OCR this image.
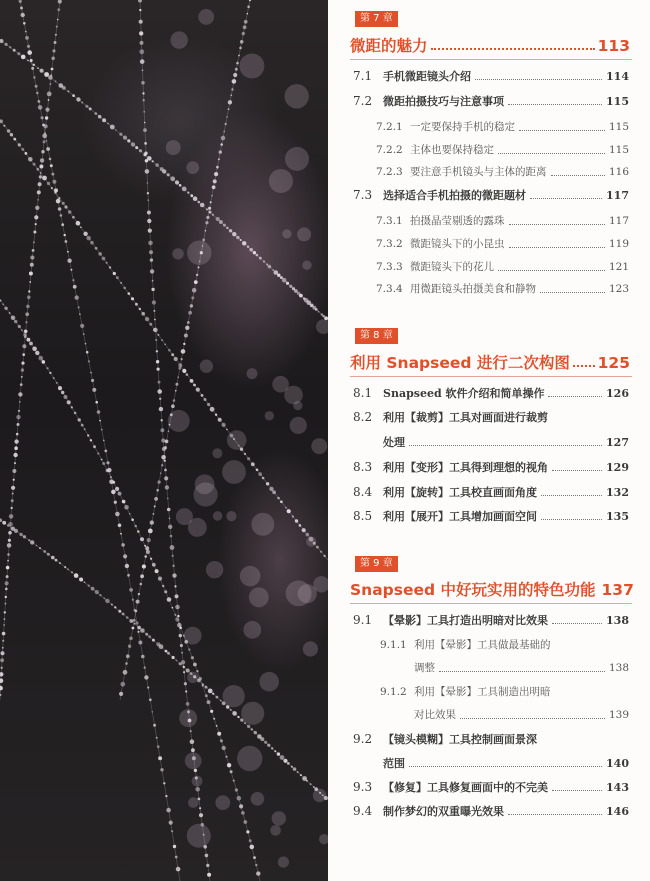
第 7 章
微距的魅力	113
7.1 手机微距镜头介绍	114
7.2 微距拍摄技巧与注意事项	115
7.2.1 一定要保持手机的稳定	115
7.2.2 主体也要保持稳定	115
7.2.3 要注意手机镜头与主体的距离	116
7.3 选择适合手机拍摄的微距题材	117
7.3.1 拍摄晶莹剔透的露珠	117
7.3.2 微距镜头下的小昆虫	119
7.3.3 微距镜头下的花儿	121
7.3.4 用微距镜头拍摄美食和静物	123
第 8 章
利用 Snapseed 进行二次构图 125
8.1 Snapseed 软件介绍和简单操作	126
8.2 利用【裁剪】工具对画面进行裁剪
处理	127
8.3 利用【变形】工具得到理想的视角	129
8.4 利用【旋转】工具校直画面角度	132
8.5 利用【展开】工具增加画面空间	135
第 9 章
Snapseed 中好玩实用的特色功能 137
9.1 【晕影】工具打造出明暗对比效果	138
9.1.1 利用【晕影】工具做最基础的
调整	138
9.1.2 利用【晕影】工具制造出明暗
对比效果	139
9.2 【镜头模糊】工具控制画面景深
范围	140
9.3 【修复】工具修复画面中的不完美	143
9.4 制作梦幻的双重曝光效果	146
